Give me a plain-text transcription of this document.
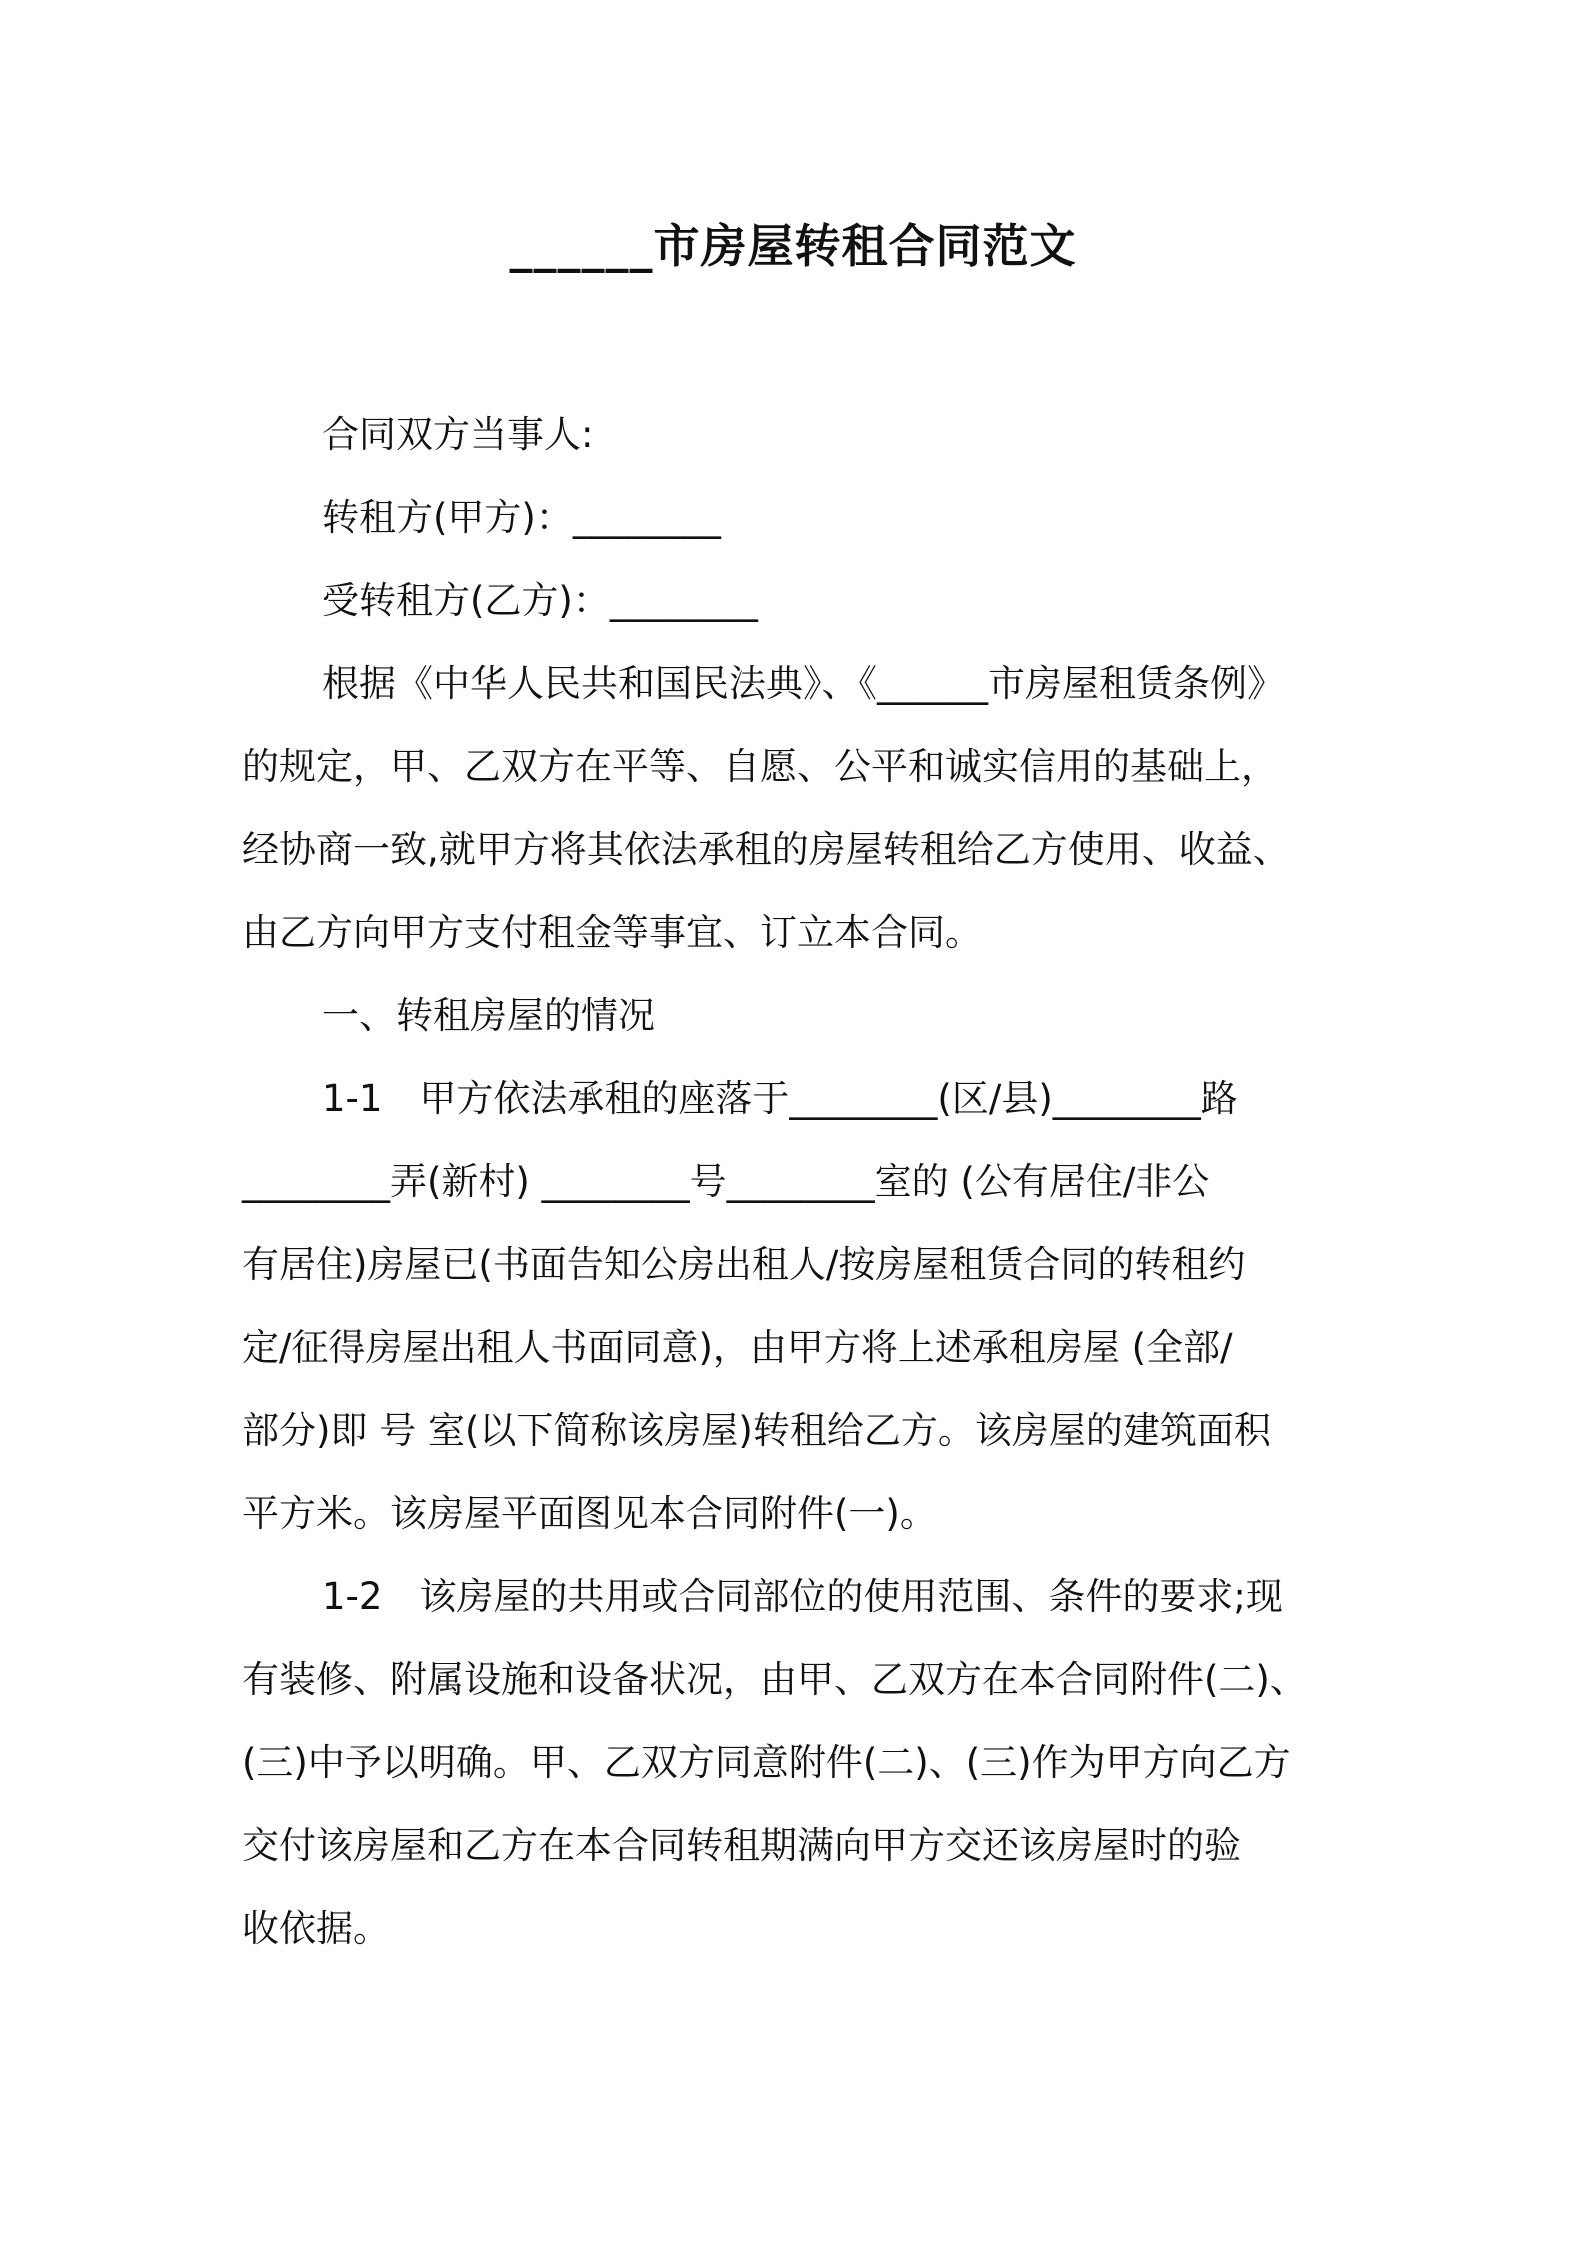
______市房屋转租合同范文
合同双方当事人:
转租方(甲方)：________
受转租方(乙方)：________
根据《中华人民共和国民法典》、《______市房屋租赁条例》
的规定，甲、乙双方在平等、自愿、公平和诚实信用的基础上，
经协商一致,就甲方将其依法承租的房屋转租给乙方使用、收益、
由乙方向甲方支付租金等事宜、订立本合同。
一、转租房屋的情况
1-1　甲方依法承租的座落于________(区/县)________路
________弄(新村) ________号________室的 (公有居住/非公
有居住)房屋已(书面告知公房出租人/按房屋租赁合同的转租约
定/征得房屋出租人书面同意)，由甲方将上述承租房屋 (全部/
部分)即 号 室(以下简称该房屋)转租给乙方。该房屋的建筑面积
平方米。该房屋平面图见本合同附件(一)。
1-2　该房屋的共用或合同部位的使用范围、条件的要求;现
有装修、附属设施和设备状况，由甲、乙双方在本合同附件(二)、
(三)中予以明确。甲、乙双方同意附件(二)、(三)作为甲方向乙方
交付该房屋和乙方在本合同转租期满向甲方交还该房屋时的验
收依据。
